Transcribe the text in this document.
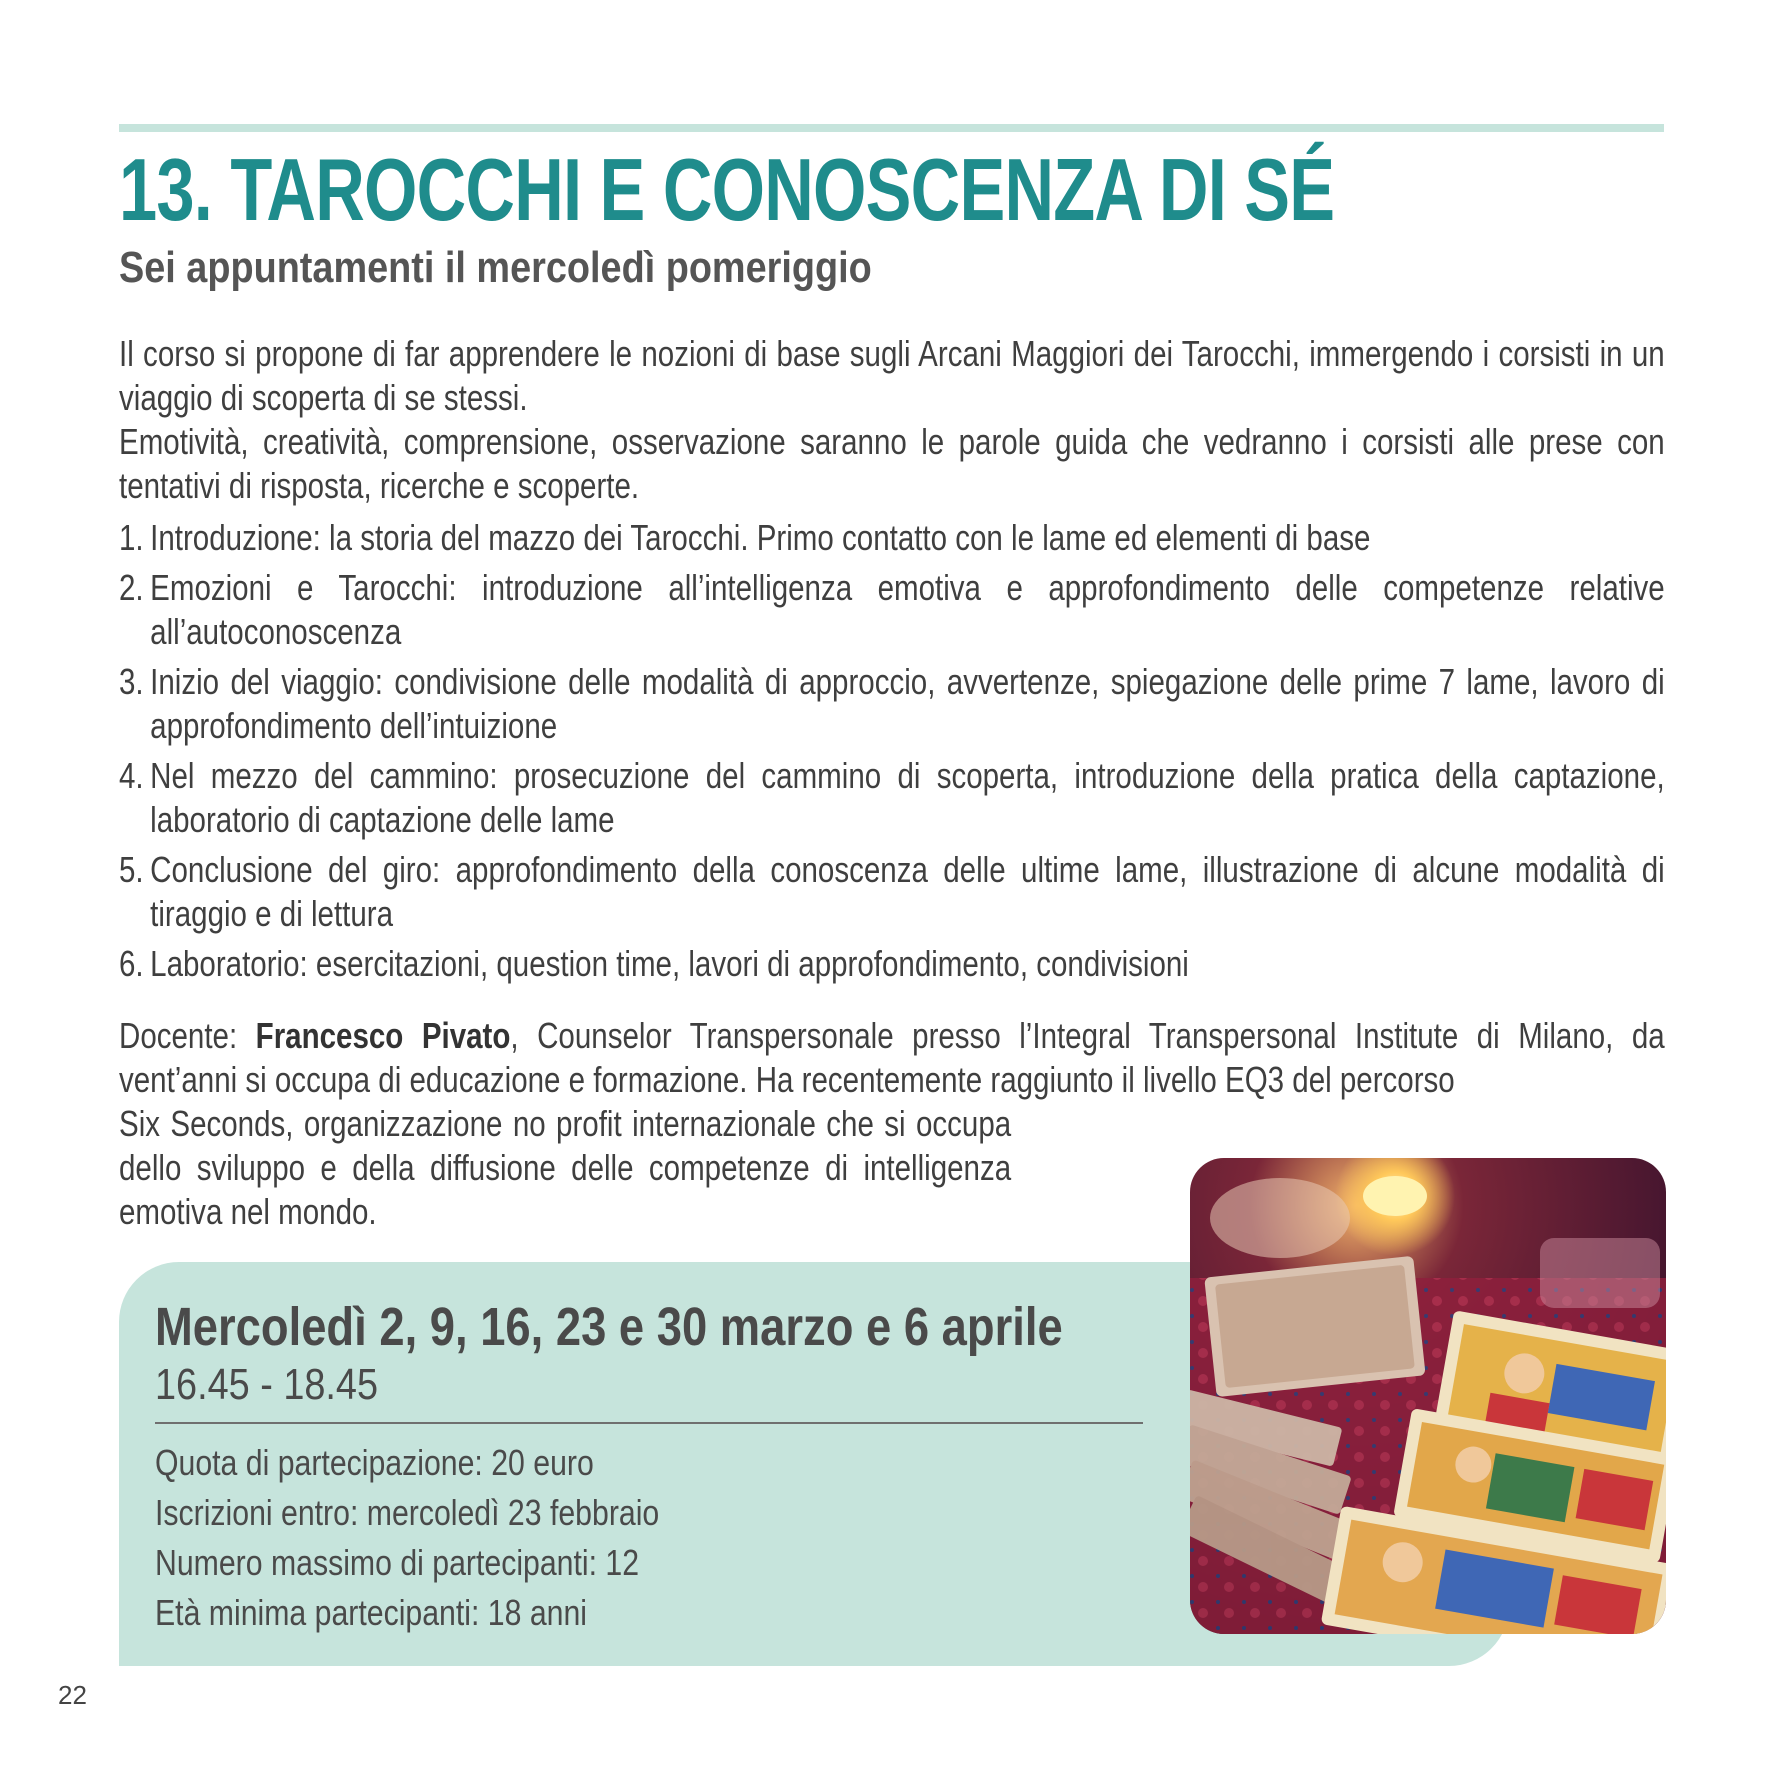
13. TAROCCHI E CONOSCENZA DI SÉ
Sei appuntamenti il mercoledì pomeriggio

Il corso si propone di far apprendere le nozioni di base sugli Arcani Maggiori dei Tarocchi, immergendo i corsisti in un viaggio di scoperta di se stessi.

Emotività, creatività, comprensione, osservazione saranno le parole guida che vedranno i corsisti alle prese con tentativi di risposta, ricerche e scoperte.

1. Introduzione: la storia del mazzo dei Tarocchi. Primo contatto con le lame ed elementi di base
2. Emozioni e Tarocchi: introduzione all’intelligenza emotiva e approfondimento delle competenze relative all’autoconoscenza
3. Inizio del viaggio: condivisione delle modalità di approccio, avvertenze, spiegazione delle prime 7 lame, lavoro di approfondimento dell’intuizione
4. Nel mezzo del cammino: prosecuzione del cammino di scoperta, introduzione della pratica della captazione, laboratorio di captazione delle lame
5. Conclusione del giro: approfondimento della conoscenza delle ultime lame, illustrazione di alcune modalità di tiraggio e di lettura
6. Laboratorio: esercitazioni, question time, lavori di approfondimento, condivisioni

Docente: Francesco Pivato, Counselor Transpersonale presso l’Integral Transpersonal Institute di Milano, da vent’anni si occupa di educazione e formazione. Ha recentemente raggiunto il livello EQ3 del percorso

Six Seconds, organizzazione no profit internazionale che si occupa dello sviluppo e della diffusione delle competenze di intelligenza emotiva nel mondo.

Mercoledì 2, 9, 16, 23 e 30 marzo e 6 aprile
16.45 - 18.45
Quota di partecipazione: 20 euro
Iscrizioni entro: mercoledì 23 febbraio
Numero massimo di partecipanti: 12
Età minima partecipanti: 18 anni
22
